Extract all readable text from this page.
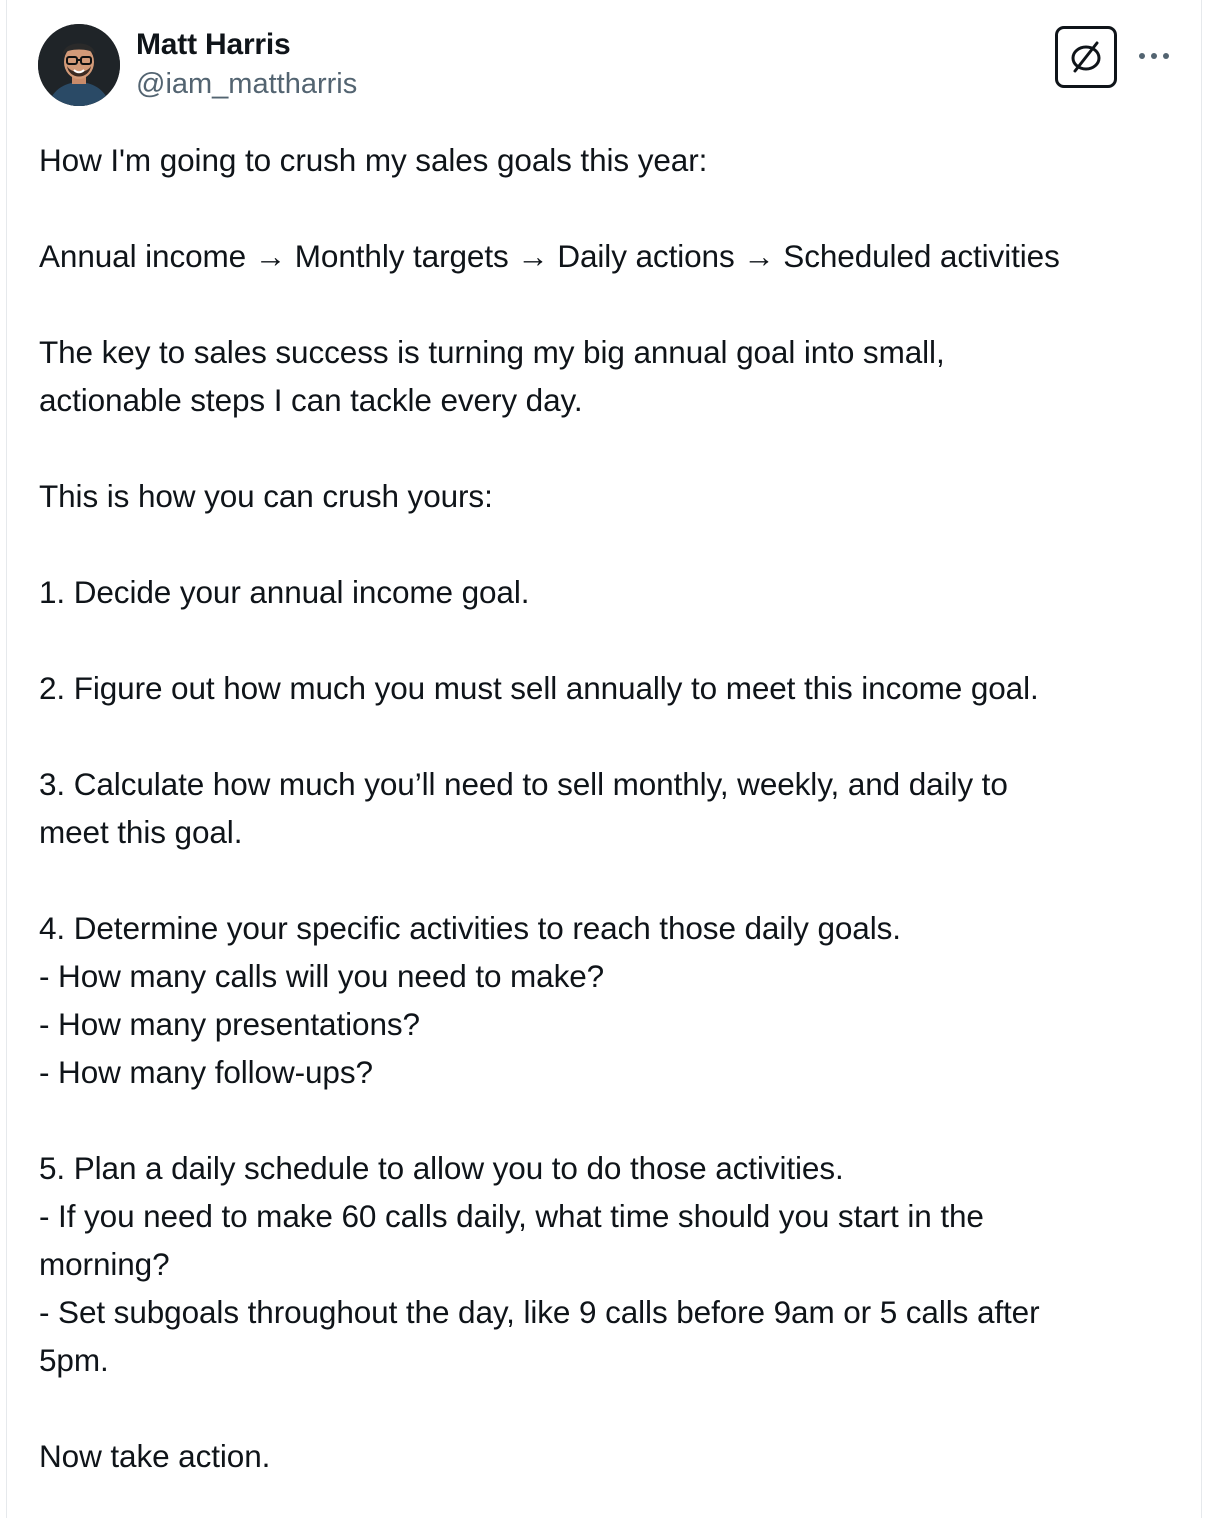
Matt Harris
@iam_mattharris
How I'm going to crush my sales goals this year:
Annual income → Monthly targets → Daily actions → Scheduled activities
The key to sales success is turning my big annual goal into small,
actionable steps I can tackle every day.
This is how you can crush yours:
1. Decide your annual income goal.
2. Figure out how much you must sell annually to meet this income goal.
3. Calculate how much you’ll need to sell monthly, weekly, and daily to
meet this goal.
4. Determine your specific activities to reach those daily goals.
- How many calls will you need to make?
- How many presentations?
- How many follow-ups?
5. Plan a daily schedule to allow you to do those activities.
- If you need to make 60 calls daily, what time should you start in the
morning?
- Set subgoals throughout the day, like 9 calls before 9am or 5 calls after
5pm.
Now take action.
